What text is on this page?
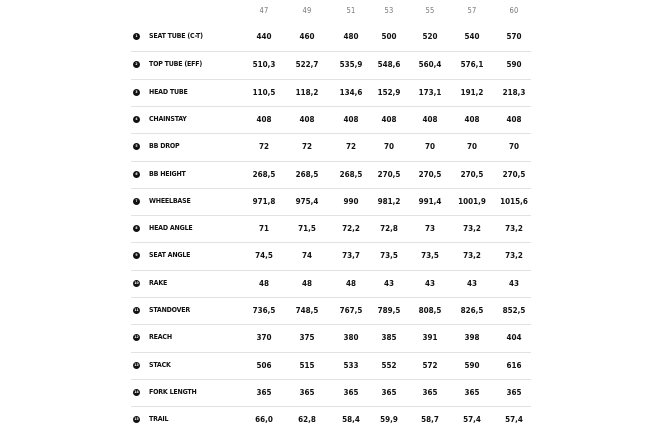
47	49	51	53	55	57	60
1	SEAT TUBE (C-T)	440	460	480	500	520	540	570
2	TOP TUBE (EFF)	510,3	522,7	535,9	548,6	560,4	576,1	590
3	HEAD TUBE	110,5	118,2	134,6	152,9	173,1	191,2	218,3
4	CHAINSTAY	408	408	408	408	408	408	408
5	BB DROP	72	72	72	70	70	70	70
6	BB HEIGHT	268,5	268,5	268,5	270,5	270,5	270,5	270,5
7	WHEELBASE	971,8	975,4	990	981,2	991,4	1001,9	1015,6
8	HEAD ANGLE	71	71,5	72,2	72,8	73	73,2	73,2
9	SEAT ANGLE	74,5	74	73,7	73,5	73,5	73,2	73,2
10 RAKE	48	48	48	43	43	43	43
11 STANDOVER	736,5	748,5	767,5	789,5	808,5	826,5	852,5
12 REACH	370	375	380	385	391	398	404
13 STACK	506	515	533	552	572	590	616
14 FORK LENGTH	365	365	365	365	365	365	365
15 TRAIL	66,0	62,8	58,4	59,9	58,7	57,4	57,4
